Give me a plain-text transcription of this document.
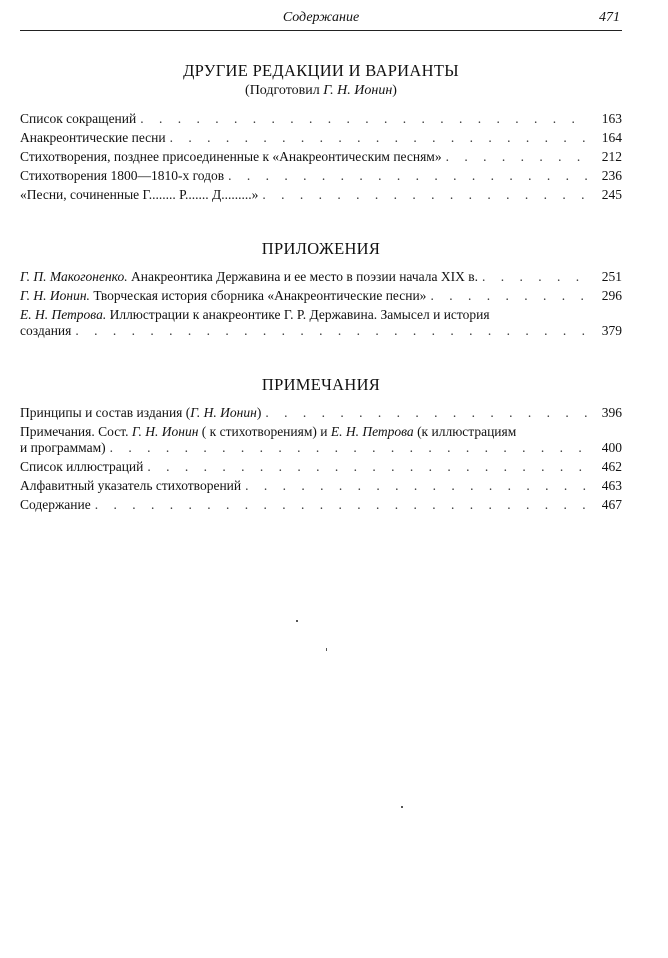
Содержание	471
ДРУГИЕ РЕДАКЦИИ И ВАРИАНТЫ
(Подготовил Г. Н. Ионин)
Список сокращений . . .	163
Анакреонтические песни . . .	164
Стихотворения, позднее присоединенные к «Анакреонтическим песням» . . .	212
Стихотворения 1800—1810-х годов . . .	236
«Песни, сочиненные Г........ Р....... Д.........» . . .	245
ПРИЛОЖЕНИЯ
Г. П. Макогоненко. Анакреонтика Державина и ее место в поэзии начала XIX в. . . .	251
Г. Н. Ионин. Творческая история сборника «Анакреонтические песни» . . .	296
Е. Н. Петрова. Иллюстрации к анакреонтике Г. Р. Державина. Замысел и история
создания . . .	379
ПРИМЕЧАНИЯ
Принципы и состав издания (Г. Н. Ионин) . . .	396
Примечания. Сост. Г. Н. Ионин ( к стихотворениям) и Е. Н. Петрова (к иллюстрациям
и программам) . . .	400
Список иллюстраций . . .	462
Алфавитный указатель стихотворений . . .	463
Содержание . . .	467
